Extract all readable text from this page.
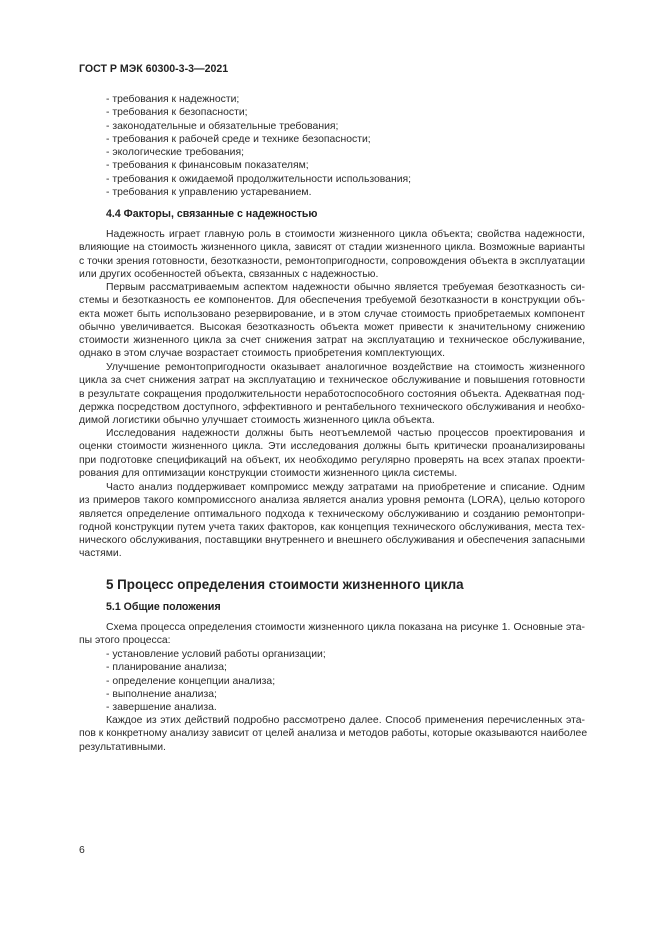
ГОСТ Р МЭК 60300-3-3—2021
- требования к надежности;
- требования к безопасности;
- законодательные и обязательные требования;
- требования к рабочей среде и технике безопасности;
- экологические требования;
- требования к финансовым показателям;
- требования к ожидаемой продолжительности использования;
- требования к управлению устареванием.
4.4 Факторы, связанные с надежностью
Надежность играет главную роль в стоимости жизненного цикла объекта; свойства надежности,
влияющие на стоимость жизненного цикла, зависят от стадии жизненного цикла. Возможные варианты
с точки зрения готовности, безотказности, ремонтопригодности, сопровождения объекта в эксплуатации
или других особенностей объекта, связанных с надежностью.
Первым рассматриваемым аспектом надежности обычно является требуемая безотказность си-
стемы и безотказность ее компонентов. Для обеспечения требуемой безотказности в конструкции объ-
екта может быть использовано резервирование, и в этом случае стоимость приобретаемых компонент
обычно увеличивается. Высокая безотказность объекта может привести к значительному снижению
стоимости жизненного цикла за счет снижения затрат на эксплуатацию и техническое обслуживание,
однако в этом случае возрастает стоимость приобретения комплектующих.
Улучшение ремонтопригодности оказывает аналогичное воздействие на стоимость жизненного
цикла за счет снижения затрат на эксплуатацию и техническое обслуживание и повышения готовности
в результате сокращения продолжительности неработоспособного состояния объекта. Адекватная под-
держка посредством доступного, эффективного и рентабельного технического обслуживания и необхо-
димой логистики обычно улучшает стоимость жизненного цикла объекта.
Исследования надежности должны быть неотъемлемой частью процессов проектирования и
оценки стоимости жизненного цикла. Эти исследования должны быть критически проанализированы
при подготовке спецификаций на объект, их необходимо регулярно проверять на всех этапах проекти-
рования для оптимизации конструкции стоимости жизненного цикла системы.
Часто анализ поддерживает компромисс между затратами на приобретение и списание. Одним
из примеров такого компромиссного анализа является анализ уровня ремонта (LORA), целью которого
является определение оптимального подхода к техническому обслуживанию и созданию ремонтопри-
годной конструкции путем учета таких факторов, как концепция технического обслуживания, места тех-
нического обслуживания, поставщики внутреннего и внешнего обслуживания и обеспечения запасными
частями.
5 Процесс определения стоимости жизненного цикла
5.1 Общие положения
Схема процесса определения стоимости жизненного цикла показана на рисунке 1. Основные эта-
пы этого процесса:
- установление условий работы организации;
- планирование анализа;
- определение концепции анализа;
- выполнение анализа;
- завершение анализа.
Каждое из этих действий подробно рассмотрено далее. Способ применения перечисленных эта-
пов к конкретному анализу зависит от целей анализа и методов работы, которые оказываются наиболее
результативными.
6
